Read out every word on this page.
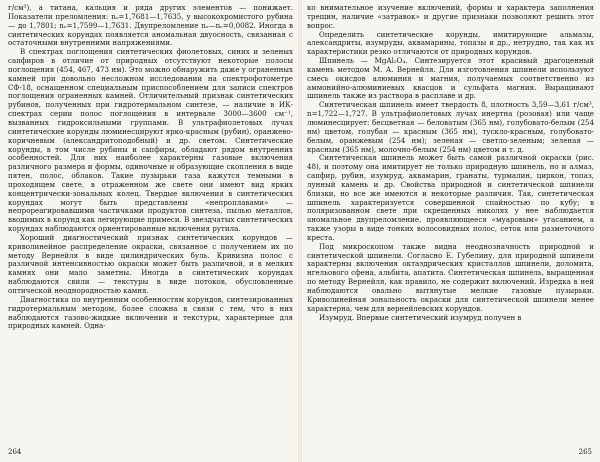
г/см³), а титана, кальция и ряда других элементов — понижает. Показатели преломления: nₒ=1,7681—1,7635, у высокохромистого рубина — до 1,7801; nₑ=1,7599—1,7631. Двупреломление nₒ—nₑ=0,0082. Иногда в синтетических корундах появляется аномальная двуосность, связанная с остаточными внутренними напряжениями.

В спектрах поглощения синтетических фиолетовых, синих и зеленых сапфиров в отличие от природных отсутствуют некоторые полосы поглощения (454, 467, 473 нм). Это можно обнаружить даже у ограненных камней при довольно несложном исследовании на спектрофотометре СФ-18, оснащенном специальным приспособлением для записи спектров поглощения ограненных камней. Отличительный признак синтетических рубинов, полученных при гидротермальном синтезе, — наличие в ИК-спектрах серии полос поглощения в интервале 3000—3600 см⁻¹, вызванных гидроксильными группами. В ультрафиолетовых лучах синтетические корунды люминесцируют ярко-красным (рубин), оранжево-коричневым (александритоподобный) и др. светом. Синтетические корунды, в том числе рубины и сапфиры, обладают рядом внутренних особенностей. Для них наиболее характерны газовые включения различного размера и формы, одиночные и образующие скопления в виде пятен, полос, облаков. Такие пузырьки газа кажутся темными в проходящем свете, в отраженном же свете они имеют вид ярких концентрически-зональных колец. Твердые включения в синтетических корундах могут быть представлены «непроплавами» — непрореагировавшими частичками продуктов синтеза, пылью металлов, вводимых в корунд как легирующие примеси. В звездчатых синтетических корундах наблюдаются ориентированные включения рутила.

Хороший диагностический признак синтетических корундов — криволинейное распределение окраски, связанное с получением их по методу Вернейля в виде цилиндрических буль. Кривизна полос с различной интенсивностью окраски может быть различной, и в мелких камнях они мало заметны. Иногда в синтетических корундах наблюдаются свили — текстуры в виде потоков, обусловленные оптической неоднородностью камня.

Диагностика по внутренним особенностям корундов, синтезированных гидротермальным методом, более сложна в связи с тем, что в них наблюдаются газово-жидкие включения и текстуры, характерные для природных камней. Одна-

264

ко внимательное изучение включений, формы и характера заполнения трещин, наличие «затравок» и другие признаки позволяют решить этот вопрос.

Определить синтетические корунды, имитирующие альмазы, александриты, изумруды, аквамарины, топазы и др., нетрудно, так как их характеристики резко отличаются от природных корундов.

Шпинель — MgAl₂O₄. Синтезируется этот красивый драгоценный камень методом М. А. Вернейля. Для изготовления шпинели используют смесь окисдов алюминия и магния, получаемых соответственно из аммонийно-алюминиевых квасцов и сульфата магния. Выращивают шпинель также из раствора в расплаве и др.

Синтетическая шпинель имеет твердость 8, плотность 3,59—3,61 г/см³, n=1,722—1,727. В ультрафиолетовых лучах инертна (розовая) или чаще люминесцирует: бесцветная — беловатым (365 нм), голубовато-белым (254 нм) цветом, голубая — красным (365 нм), тускло-красным, голубовато-белым, оранжевым (254 нм); зеленая — светло-зеленым; зеленая — красным (365 нм), молочно-белым (254 нм) цветом и т. д.

Синтетическая шпинель может быть самой различной окраски (рис. 48), и поэтому она имитирует не только природную шпинель, но и алмаз, сапфир, рубин, изумруд, аквамарин, гранаты, турмалин, циркон, топаз, лунный камень и др. Свойства природной и синтетической шпинели близки, но все же имеются и некоторые различия. Так, синтетическая шпинель характеризуется совершенной спайностью по кубу; в поляризованном свете при скрещенных николях у нее наблюдается аномальное двупреломление, проявляющееся «муаровым» угасанием, а также узоры в виде тонких волосовидных полос, сеток или разметочного креста.

Под микроскопом также видна неоднозначность природной и синтетической шпинели. Согласно Е. Губелину, для природной шпинели характерны включения октаэдрических кристаллов шпинели, доломита, нгельового сфена, альбита, апатита. Синтетическая шпинель, выращенная по методу Вернейля, как правило, не содержит включений. Изредка в ней наблюдаются овально вытянутые мелкие газовые пузырьки. Криволинейная зональность окраски для синтетической шпинели менее характерна, чем для вернейлевских корундов.

Изумруд. Впервые синтетический изумруд получен в

265
